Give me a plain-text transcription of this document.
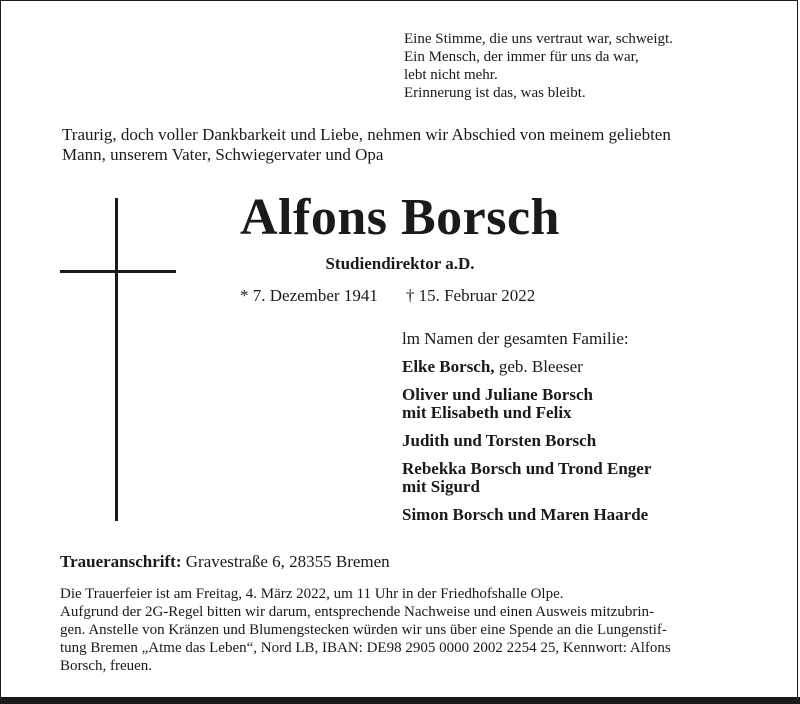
Eine Stimme, die uns vertraut war, schweigt.
Ein Mensch, der immer für uns da war,
lebt nicht mehr.
Erinnerung ist das, was bleibt.
Traurig, doch voller Dankbarkeit und Liebe, nehmen wir Abschied von meinem geliebten
Mann, unserem Vater, Schwiegervater und Opa
Alfons Borsch
Studiendirektor a.D.
* 7. Dezember 1941 † 15. Februar 2022
lm Namen der gesamten Familie:
Elke Borsch, geb. Bleeser
Oliver und Juliane Borsch
mit Elisabeth und Felix
Judith und Torsten Borsch
Rebekka Borsch und Trond Enger
mit Sigurd
Simon Borsch und Maren Haarde
Traueranschrift: Gravestraße 6, 28355 Bremen
Die Trauerfeier ist am Freitag, 4. März 2022, um 11 Uhr in der Friedhofshalle Olpe.
Aufgrund der 2G-Regel bitten wir darum, entsprechende Nachweise und einen Ausweis mitzubrin-
gen. Anstelle von Kränzen und Blumengstecken würden wir uns über eine Spende an die Lungenstif-
tung Bremen „Atme das Leben“, Nord LB, IBAN: DE98 2905 0000 2002 2254 25, Kennwort: Alfons
Borsch, freuen.
